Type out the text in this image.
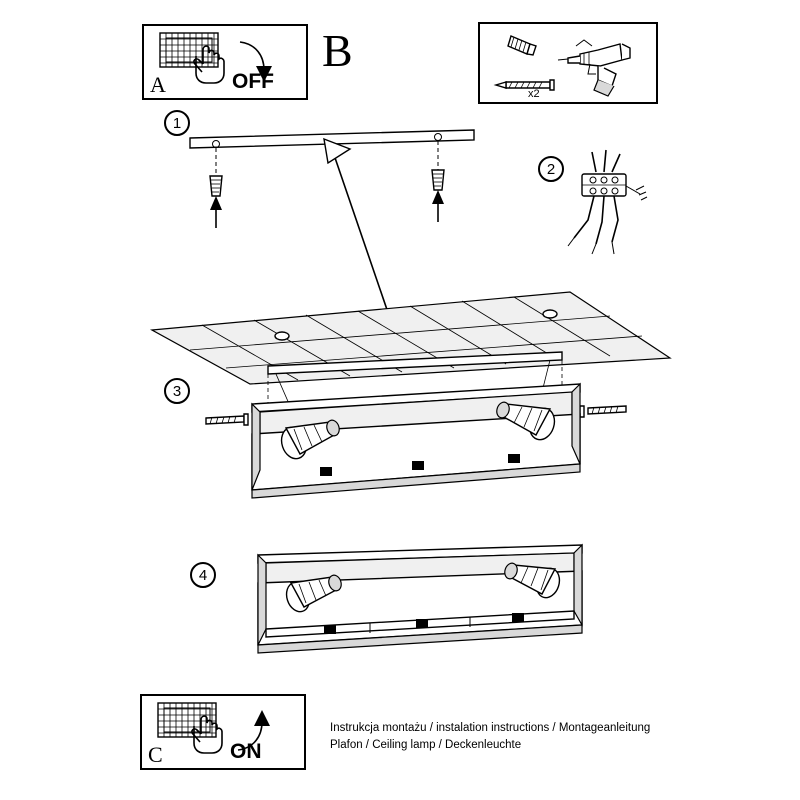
A	OFF
B
x2
1
2
3
4
C	ON
Instrukcja montażu / instalation instructions / Montageanleitung
Plafon / Ceiling lamp / Deckenleuchte
